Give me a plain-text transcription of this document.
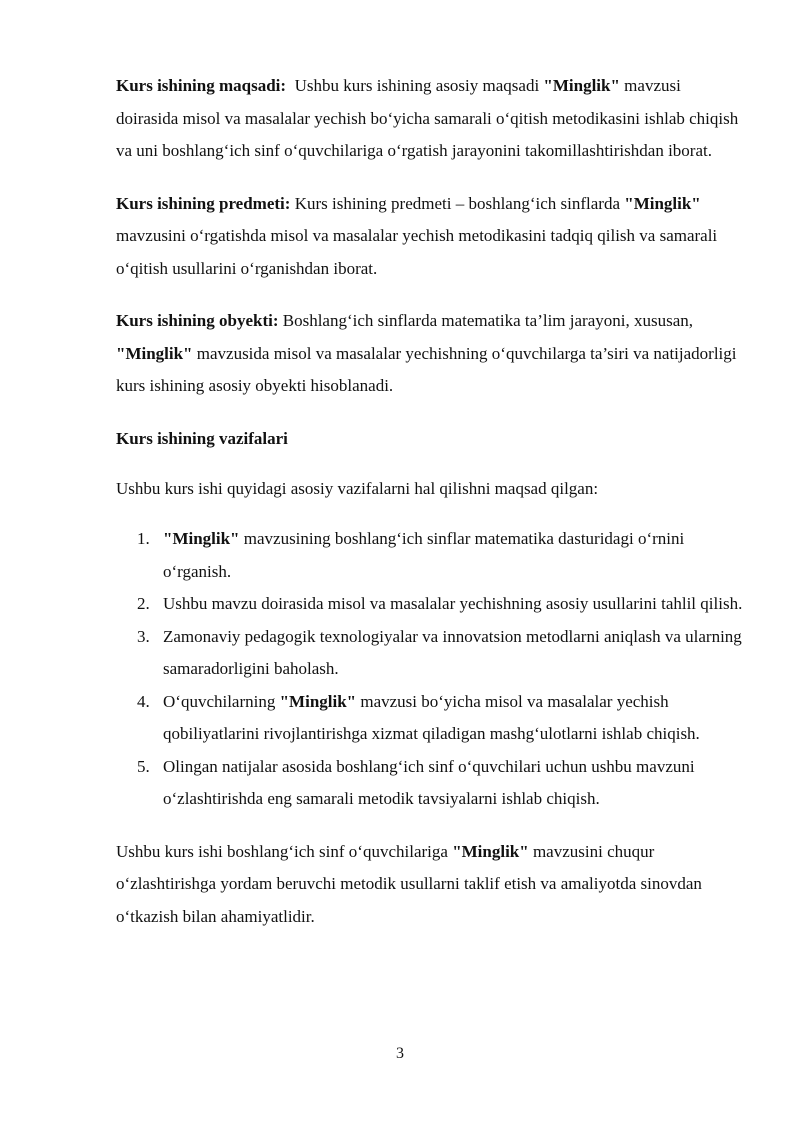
Kurs ishining maqsadi: Ushbu kurs ishining asosiy maqsadi "Minglik" mavzusi doirasida misol va masalalar yechish bo‘yicha samarali o‘qitish metodikasini ishlab chiqish va uni boshlang‘ich sinf o‘quvchilariga o‘rgatish jarayonini takomillashtirishdan iborat.

Kurs ishining predmeti: Kurs ishining predmeti – boshlang‘ich sinflarda "Minglik" mavzusini o‘rgatishda misol va masalalar yechish metodikasini tadqiq qilish va samarali o‘qitish usullarini o‘rganishdan iborat.

Kurs ishining obyekti: Boshlang‘ich sinflarda matematika ta’lim jarayoni, xususan, "Minglik" mavzusida misol va masalalar yechishning o‘quvchilarga ta’siri va natijadorligi kurs ishining asosiy obyekti hisoblanadi.

Kurs ishining vazifalari

Ushbu kurs ishi quyidagi asosiy vazifalarni hal qilishni maqsad qilgan:

1. "Minglik" mavzusining boshlang‘ich sinflar matematika dasturidagi o‘rnini o‘rganish.
2. Ushbu mavzu doirasida misol va masalalar yechishning asosiy usullarini tahlil qilish.
3. Zamonaviy pedagogik texnologiyalar va innovatsion metodlarni aniqlash va ularning samaradorligini baholash.
4. O‘quvchilarning "Minglik" mavzusi bo‘yicha misol va masalalar yechish qobiliyatlarini rivojlantirishga xizmat qiladigan mashg‘ulotlarni ishlab chiqish.
5. Olingan natijalar asosida boshlang‘ich sinf o‘quvchilari uchun ushbu mavzuni o‘zlashtirishda eng samarali metodik tavsiyalarni ishlab chiqish.

Ushbu kurs ishi boshlang‘ich sinf o‘quvchilariga "Minglik" mavzusini chuqur o‘zlashtirishga yordam beruvchi metodik usullarni taklif etish va amaliyotda sinovdan o‘tkazish bilan ahamiyatlidir.

3
